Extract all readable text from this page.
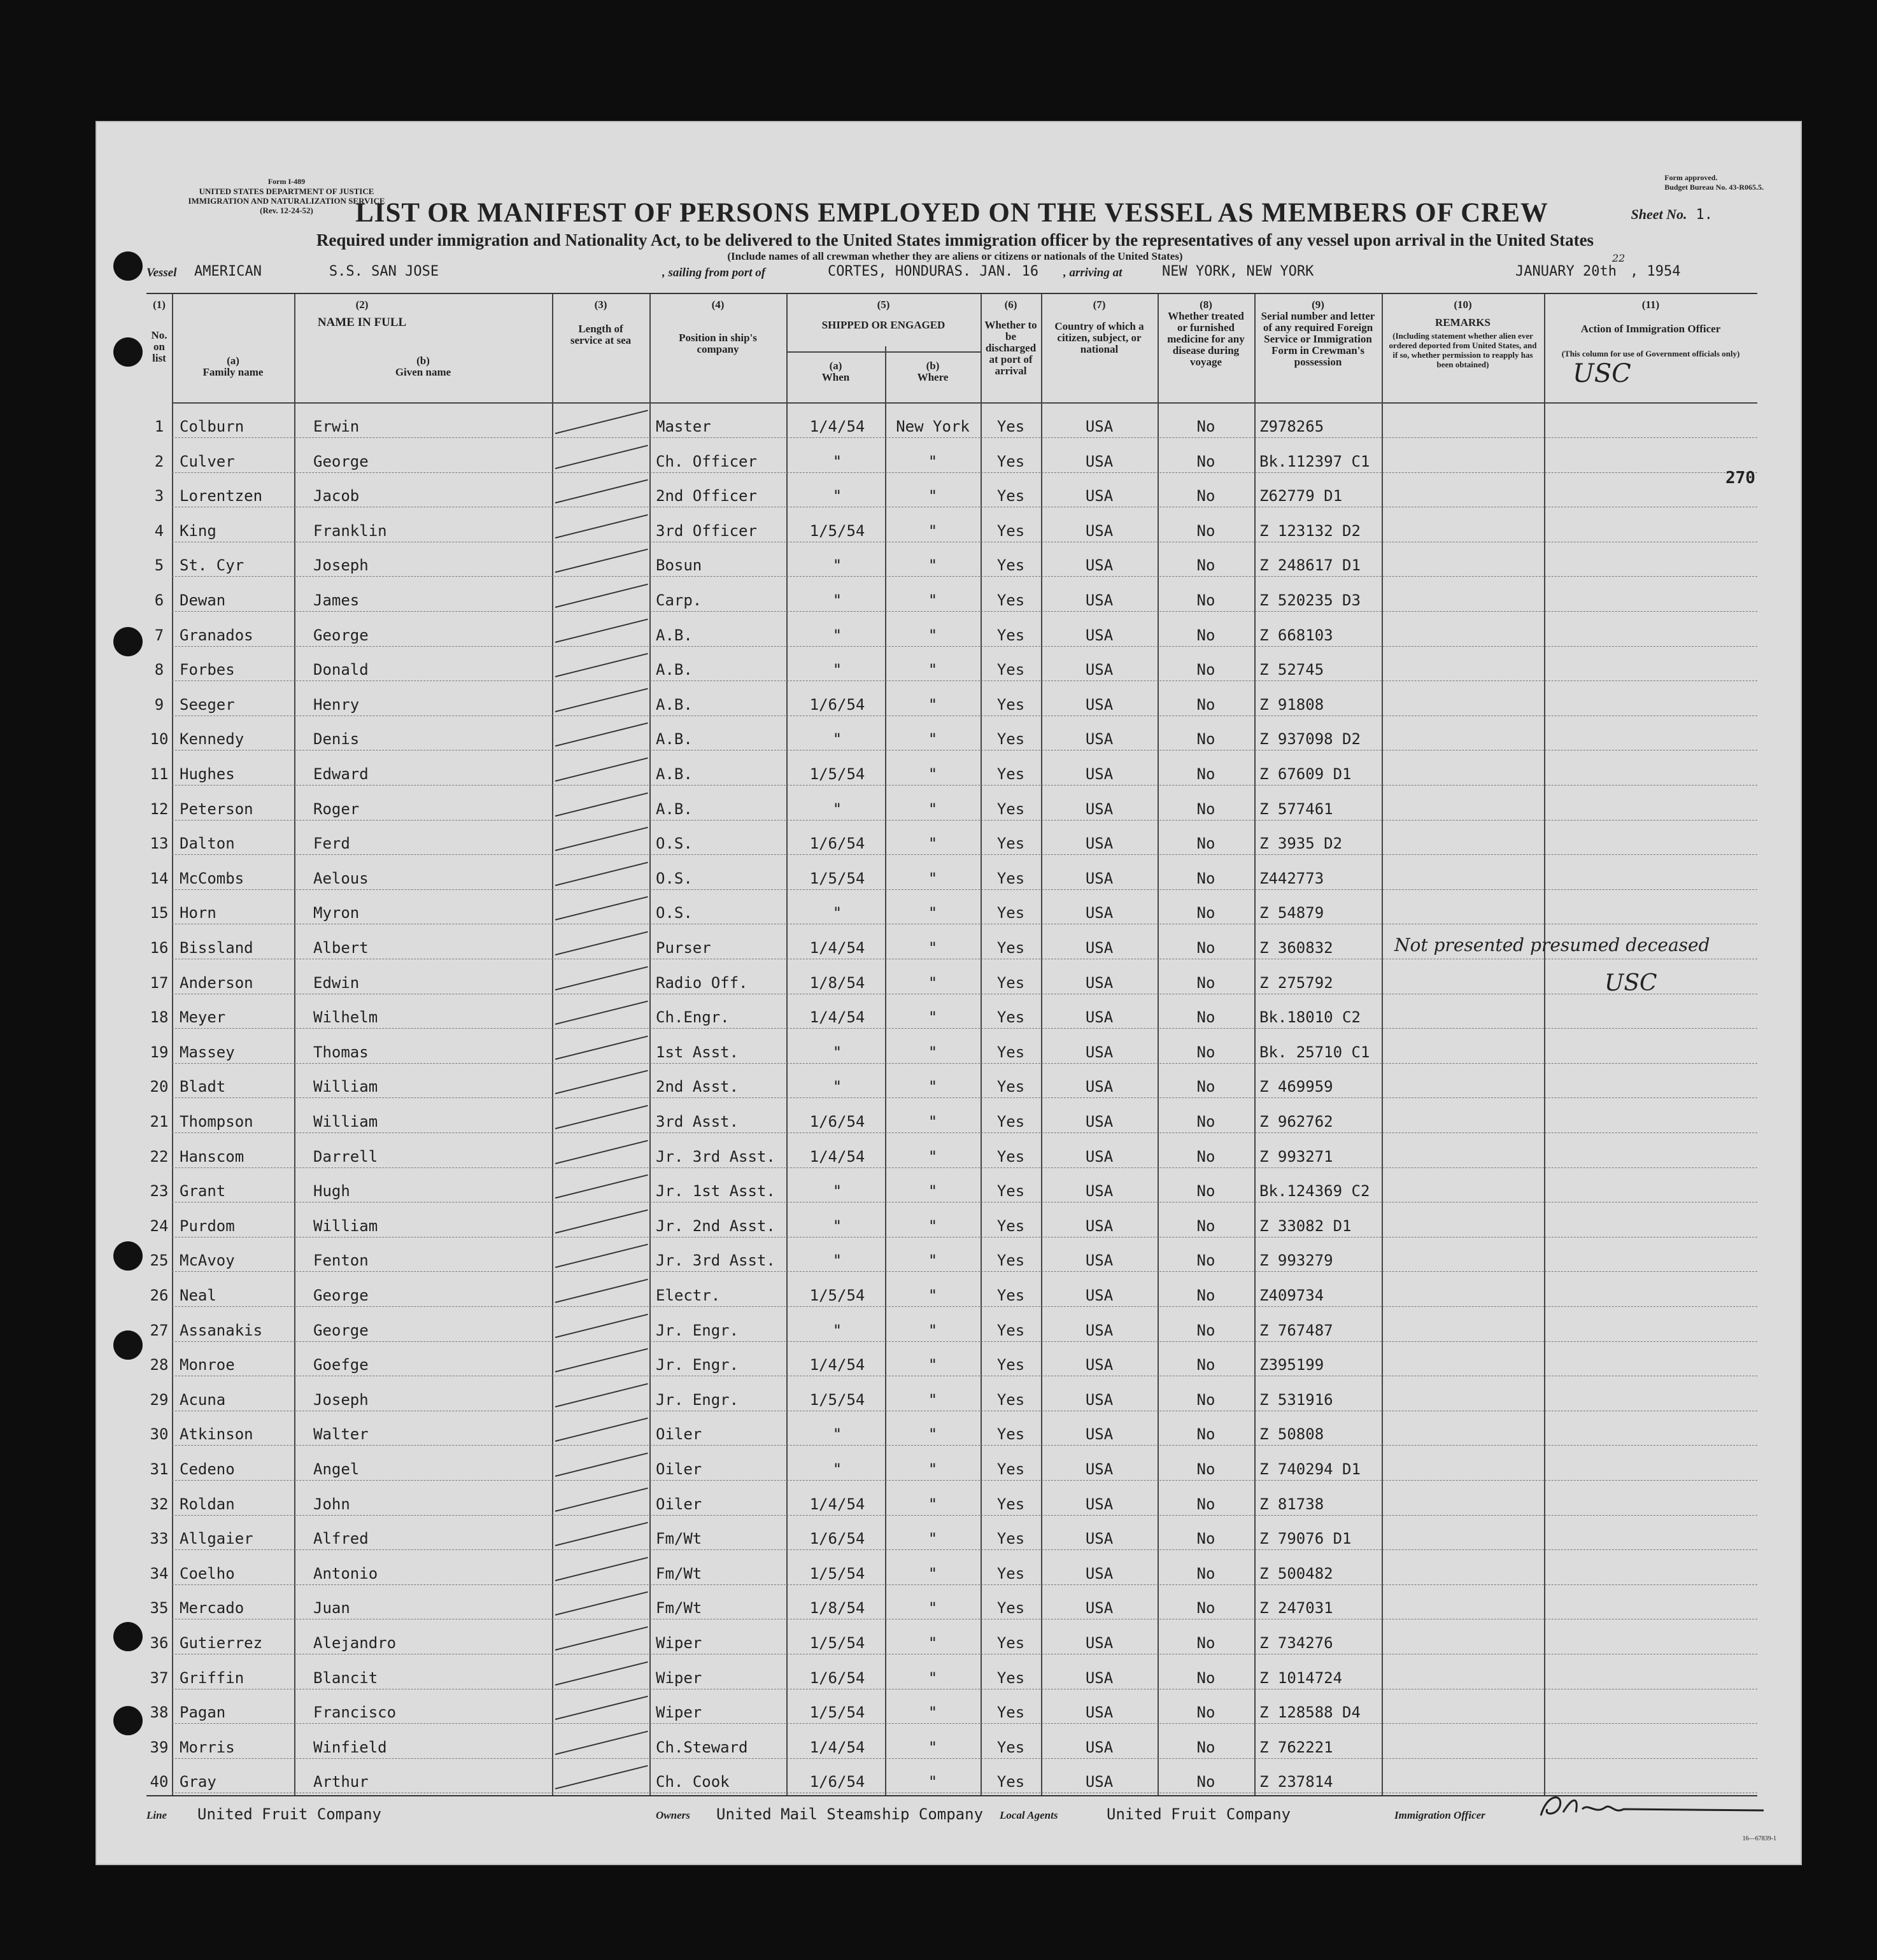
Form I-489
UNITED STATES DEPARTMENT OF JUSTICE
IMMIGRATION AND NATURALIZATION SERVICE
(Rev. 12-24-52)
Form approved.
Budget Bureau No. 43-R065.5.
LIST OR MANIFEST OF PERSONS EMPLOYED ON THE VESSEL AS MEMBERS OF CREW	Sheet No. 1.
Required under immigration and Nationality Act, to be delivered to the United States immigration officer by the representatives of any vessel upon arrival in the United States
(Include names of all crewman whether they are aliens or citizens or nationals of the United States)
Vessel AMERICAN        S.S. SAN JOSE	, sailing from port of	CORTES, HONDURAS. JAN. 16 , arriving at	NEW YORK, NEW YORK	JANUARY 20th
22
, 1954
(1)
No. on list
(2)
NAME IN FULL
(a)
Family name
(b)
Given name
(3)
Length of service at sea
(4)
Position in ship's company
(5)
SHIPPED OR ENGAGED
(a)
When
(b)
Where
(6)
Whether to be discharged at port of arrival
(7)
Country of which a citizen, subject, or national
(8)
Whether treated or furnished medicine for any disease during voyage
(9)
Serial number and letter of any required Foreign Service or Immigration Form in Crewman's possession
(10)
REMARKS
(Including statement whether alien ever ordered deported from United States, and if so, whether permission to reapply has been obtained)
(11)
Action of Immigration Officer
(This column for use of Government officials only)
1	Colburn	Erwin	Master	1/4/54	New York	Yes	USA	No	Z978265
2	Culver	George	Ch. Officer	"	"	Yes	USA	No	Bk.112397 C1
3	Lorentzen	Jacob	2nd Officer	"	"	Yes	USA	No	Z62779 D1
4	King	Franklin	3rd Officer	1/5/54	"	Yes	USA	No	Z 123132 D2
5	St. Cyr	Joseph	Bosun	"	"	Yes	USA	No	Z 248617 D1
6	Dewan	James	Carp.	"	"	Yes	USA	No	Z 520235 D3
7	Granados	George	A.B.	"	"	Yes	USA	No	Z 668103
8	Forbes	Donald	A.B.	"	"	Yes	USA	No	Z 52745
9	Seeger	Henry	A.B.	1/6/54	"	Yes	USA	No	Z 91808
10 Kennedy	Denis	A.B.	"	"	Yes	USA	No	Z 937098 D2
11 Hughes	Edward	A.B.	1/5/54	"	Yes	USA	No	Z 67609 D1
12 Peterson	Roger	A.B.	"	"	Yes	USA	No	Z 577461
13 Dalton	Ferd	O.S.	1/6/54	"	Yes	USA	No	Z 3935 D2
14 McCombs	Aelous	O.S.	1/5/54	"	Yes	USA	No	Z442773
15 Horn	Myron	O.S.	"	"	Yes	USA	No	Z 54879
16 Bissland	Albert	Purser	1/4/54	"	Yes	USA	No	Z 360832
17 Anderson	Edwin	Radio Off.	1/8/54	"	Yes	USA	No	Z 275792
18 Meyer	Wilhelm	Ch.Engr.	1/4/54	"	Yes	USA	No	Bk.18010 C2
19 Massey	Thomas	1st Asst.	"	"	Yes	USA	No	Bk. 25710 C1
20 Bladt	William	2nd Asst.	"	"	Yes	USA	No	Z 469959
21 Thompson	William	3rd Asst.	1/6/54	"	Yes	USA	No	Z 962762
22 Hanscom	Darrell	Jr. 3rd Asst.	1/4/54	"	Yes	USA	No	Z 993271
23 Grant	Hugh	Jr. 1st Asst.	"	"	Yes	USA	No	Bk.124369 C2
24 Purdom	William	Jr. 2nd Asst.	"	"	Yes	USA	No	Z 33082 D1
25 McAvoy	Fenton	Jr. 3rd Asst.	"	"	Yes	USA	No	Z 993279
26 Neal	George	Electr.	1/5/54	"	Yes	USA	No	Z409734
27 Assanakis	George	Jr. Engr.	"	"	Yes	USA	No	Z 767487
28 Monroe	Goefge	Jr. Engr.	1/4/54	"	Yes	USA	No	Z395199
29 Acuna	Joseph	Jr. Engr.	1/5/54	"	Yes	USA	No	Z 531916
30 Atkinson	Walter	Oiler	"	"	Yes	USA	No	Z 50808
31 Cedeno	Angel	Oiler	"	"	Yes	USA	No	Z 740294 D1
32 Roldan	John	Oiler	1/4/54	"	Yes	USA	No	Z 81738
33 Allgaier	Alfred	Fm/Wt	1/6/54	"	Yes	USA	No	Z 79076 D1
34 Coelho	Antonio	Fm/Wt	1/5/54	"	Yes	USA	No	Z 500482
35 Mercado	Juan	Fm/Wt	1/8/54	"	Yes	USA	No	Z 247031
36 Gutierrez	Alejandro	Wiper	1/5/54	"	Yes	USA	No	Z 734276
37 Griffin	Blancit	Wiper	1/6/54	"	Yes	USA	No	Z 1014724
38 Pagan	Francisco	Wiper	1/5/54	"	Yes	USA	No	Z 128588 D4
39 Morris	Winfield	Ch.Steward	1/4/54	"	Yes	USA	No	Z 762221
40 Gray	Arthur	Ch. Cook	1/6/54	"	Yes	USA	No	Z 237814
USC
Not presented presumed deceased
USC
270
Line United Fruit Company	Owners United Mail Steamship Company Local Agents	United Fruit Company	Immigration Officer
16—67839-1
